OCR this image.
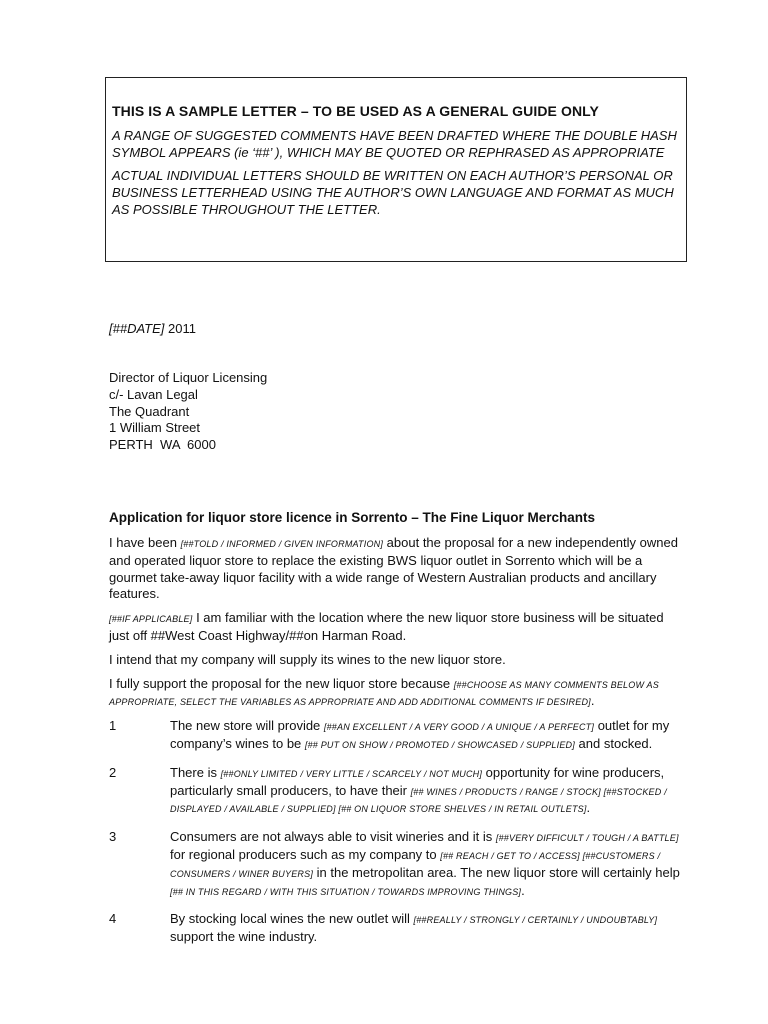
THIS IS A SAMPLE LETTER – TO BE USED AS A GENERAL GUIDE ONLY
A RANGE OF SUGGESTED COMMENTS HAVE BEEN DRAFTED WHERE THE DOUBLE HASH SYMBOL APPEARS (ie ‘##’ ), WHICH MAY BE QUOTED OR REPHRASED AS APPROPRIATE
ACTUAL INDIVIDUAL LETTERS SHOULD BE WRITTEN ON EACH AUTHOR’S PERSONAL OR BUSINESS LETTERHEAD USING THE AUTHOR’S OWN LANGUAGE AND FORMAT AS MUCH AS POSSIBLE THROUGHOUT THE LETTER.
[##DATE] 2011
Director of Liquor Licensing
c/- Lavan Legal
The Quadrant
1 William Street
PERTH  WA  6000
Application for liquor store licence in Sorrento – The Fine Liquor Merchants

I have been [##TOLD / INFORMED / GIVEN INFORMATION] about the proposal for a new independently owned and operated liquor store to replace the existing BWS liquor outlet in Sorrento which will be a gourmet take-away liquor facility with a wide range of Western Australian products and ancillary features.

[##IF APPLICABLE] I am familiar with the location where the new liquor store business will be situated just off ##West Coast Highway/##on Harman Road.

I intend that my company will supply its wines to the new liquor store.

I fully support the proposal for the new liquor store because [##CHOOSE AS MANY COMMENTS BELOW AS APPROPRIATE, SELECT THE VARIABLES AS APPROPRIATE AND ADD ADDITIONAL COMMENTS IF DESIRED].

1	The new store will provide [##AN EXCELLENT / A VERY GOOD / A UNIQUE / A PERFECT] outlet for my company’s wines to be [## PUT ON SHOW / PROMOTED / SHOWCASED / SUPPLIED] and stocked.
2	There is [##ONLY LIMITED / VERY LITTLE / SCARCELY / NOT MUCH] opportunity for wine producers, particularly small producers, to have their [## WINES / PRODUCTS / RANGE / STOCK] [##STOCKED / DISPLAYED / AVAILABLE / SUPPLIED] [## ON LIQUOR STORE SHELVES / IN RETAIL OUTLETS].
3	Consumers are not always able to visit wineries and it is [##VERY DIFFICULT / TOUGH / A BATTLE] for regional producers such as my company to [## REACH / GET TO / ACCESS] [##CUSTOMERS / CONSUMERS / WINER BUYERS] in the metropolitan area. The new liquor store will certainly help [## IN THIS REGARD / WITH THIS SITUATION / TOWARDS IMPROVING THINGS].
4	By stocking local wines the new outlet will [##REALLY / STRONGLY / CERTAINLY / UNDOUBTABLY] support the wine industry.
